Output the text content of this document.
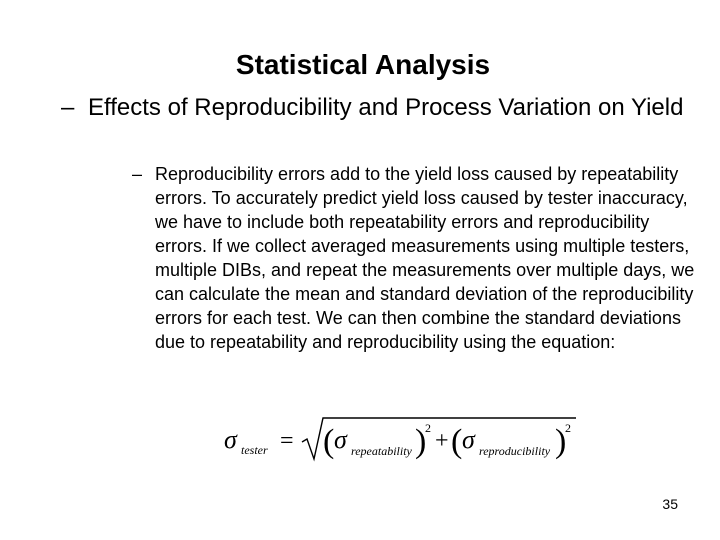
Statistical Analysis
– Effects of Reproducibility and Process Variation on Yield
– Reproducibility errors add to the yield loss caused by repeatability errors. To accurately predict yield loss caused by tester inaccuracy, we have to include both repeatability errors and reproducibility errors. If we collect averaged measurements using multiple testers, multiple DIBs, and repeat the measurements over multiple days, we can calculate the mean and standard deviation of the reproducibility errors for each test. We can then combine the standard deviations due to repeatability and reproducibility using the equation:
σ tester = ( σ repeatability )
2 + ( σ reproducibility )
2
35
